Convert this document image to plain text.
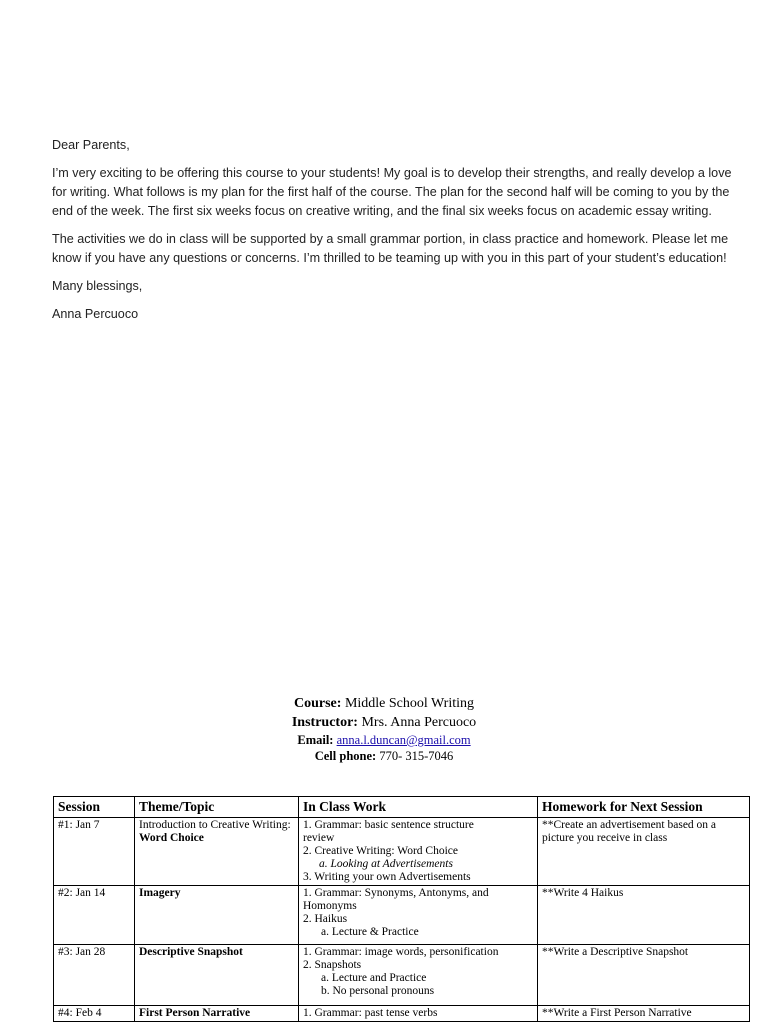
Dear Parents,

I’m very exciting to be offering this course to your students! My goal is to develop their strengths, and really develop a love for writing. What follows is my plan for the first half of the course. The plan for the second half will be coming to you by the end of the week. The first six weeks focus on creative writing, and the final six weeks focus on academic essay writing.

The activities we do in class will be supported by a small grammar portion, in class practice and homework. Please let me know if you have any questions or concerns. I’m thrilled to be teaming up with you in this part of your student’s education!

Many blessings,

Anna Percuoco

Course: Middle School Writing
Instructor: Mrs. Anna Percuoco
Email: anna.l.duncan@gmail.com
Cell phone: 770- 315-7046
Session	Theme/Topic	In Class Work	Homework for Next Session
#1: Jan 7	Introduction to Creative Writing: Word Choice	1. Grammar: basic sentence structure
review
2. Creative Writing: Word Choice
a. Looking at Advertisements
3. Writing your own Advertisements	**Create an advertisement based on a picture you receive in class
#2: Jan 14	Imagery	1. Grammar: Synonyms, Antonyms, and
Homonyms
2. Haikus
a. Lecture & Practice	**Write 4 Haikus
#3: Jan 28	Descriptive Snapshot	1. Grammar: image words, personification
2. Snapshots
a. Lecture and Practice
b. No personal pronouns	**Write a Descriptive Snapshot
#4: Feb 4	First Person Narrative	1. Grammar: past tense verbs	**Write a First Person Narrative
